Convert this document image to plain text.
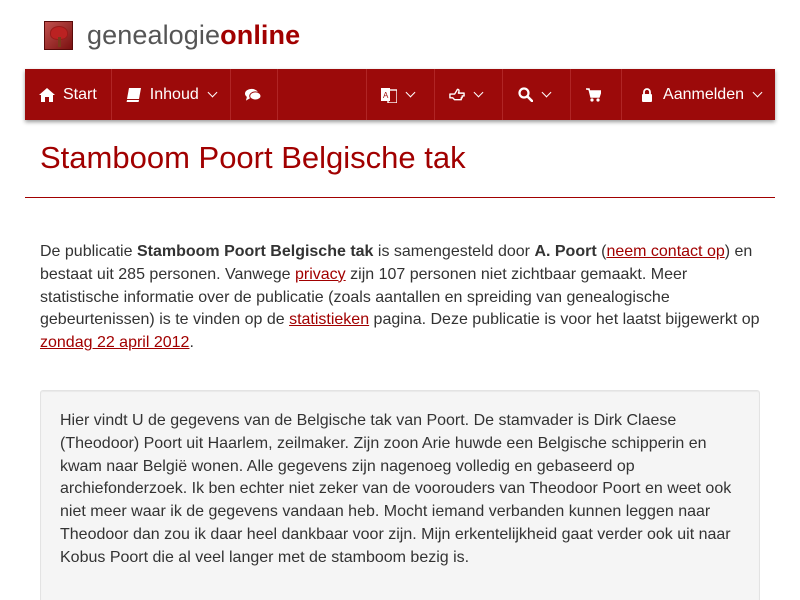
genealogieonline
Start	Inhoud	A	Aanmelden
Stamboom Poort Belgische tak

De publicatie Stamboom Poort Belgische tak is samengesteld door A. Poort (neem contact op) en bestaat uit 285 personen. Vanwege privacy zijn 107 personen niet zichtbaar gemaakt. Meer statistische informatie over de publicatie (zoals aantallen en spreiding van genealogische gebeurtenissen) is te vinden op de statistieken pagina. Deze publicatie is voor het laatst bijgewerkt op zondag 22 april 2012.

Hier vindt U de gegevens van de Belgische tak van Poort. De stamvader is Dirk Claese (Theodoor) Poort uit Haarlem, zeilmaker. Zijn zoon Arie huwde een Belgische schipperin en kwam naar België wonen. Alle gegevens zijn nagenoeg volledig en gebaseerd op archiefonderzoek. Ik ben echter niet zeker van de voorouders van Theodoor Poort en weet ook niet meer waar ik de gegevens vandaan heb. Mocht iemand verbanden kunnen leggen naar Theodoor dan zou ik daar heel dankbaar voor zijn. Mijn erkentelijkheid gaat verder ook uit naar Kobus Poort die al veel langer met de stamboom bezig is.
